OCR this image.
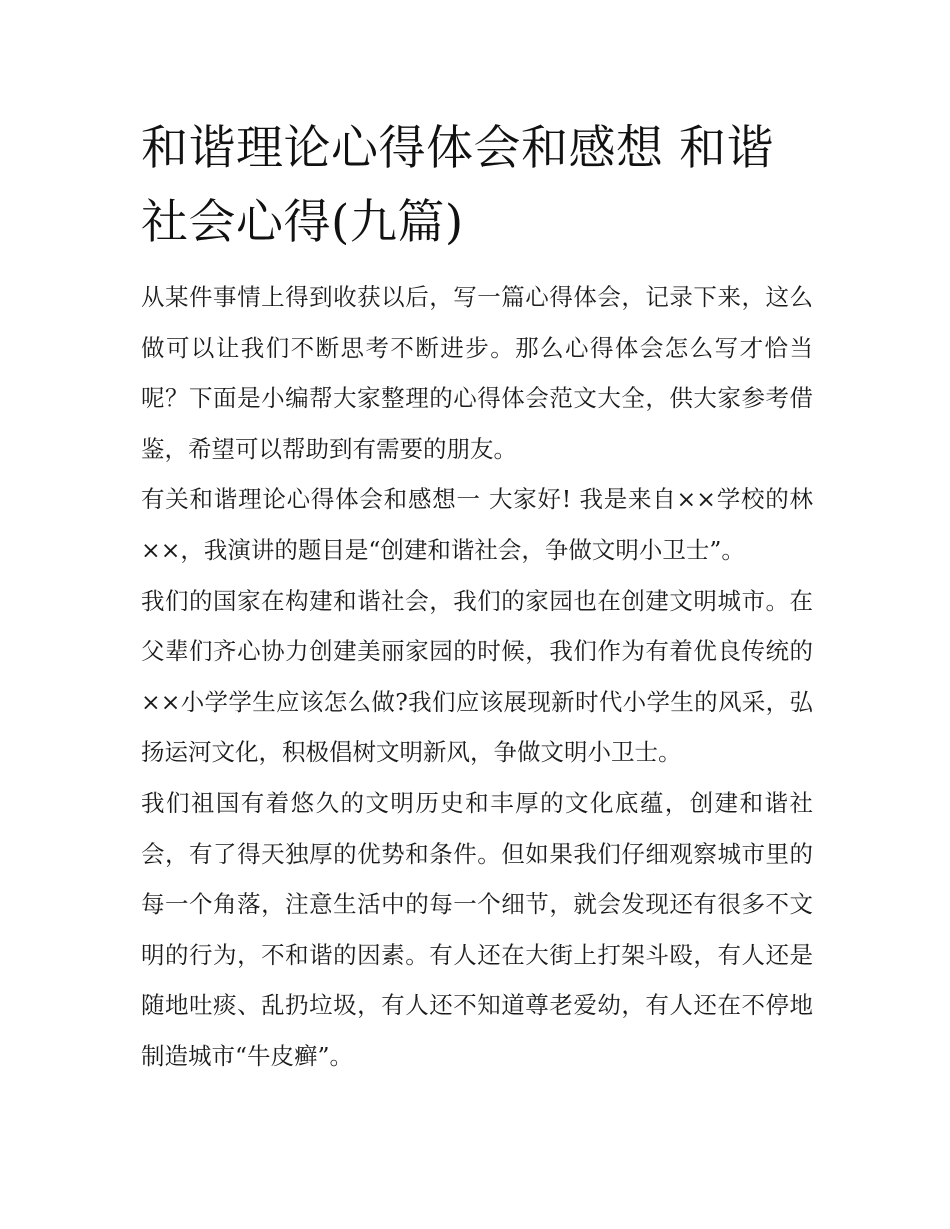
和谐理论心得体会和感想 和谐社会心得(九篇)

从某件事情上得到收获以后，写一篇心得体会，记录下来，这么做可以让我们不断思考不断进步。那么心得体会怎么写才恰当呢？下面是小编帮大家整理的心得体会范文大全，供大家参考借鉴，希望可以帮助到有需要的朋友。

有关和谐理论心得体会和感想一 大家好! 我是来自××学校的林××，我演讲的题目是“创建和谐社会，争做文明小卫士”。

我们的国家在构建和谐社会，我们的家园也在创建文明城市。在父辈们齐心协力创建美丽家园的时候，我们作为有着优良传统的××小学学生应该怎么做?我们应该展现新时代小学生的风采，弘扬运河文化，积极倡树文明新风，争做文明小卫士。

我们祖国有着悠久的文明历史和丰厚的文化底蕴，创建和谐社会，有了得天独厚的优势和条件。但如果我们仔细观察城市里的每一个角落，注意生活中的每一个细节，就会发现还有很多不文明的行为，不和谐的因素。有人还在大街上打架斗殴，有人还是随地吐痰、乱扔垃圾，有人还不知道尊老爱幼，有人还在不停地制造城市“牛皮癣”。
